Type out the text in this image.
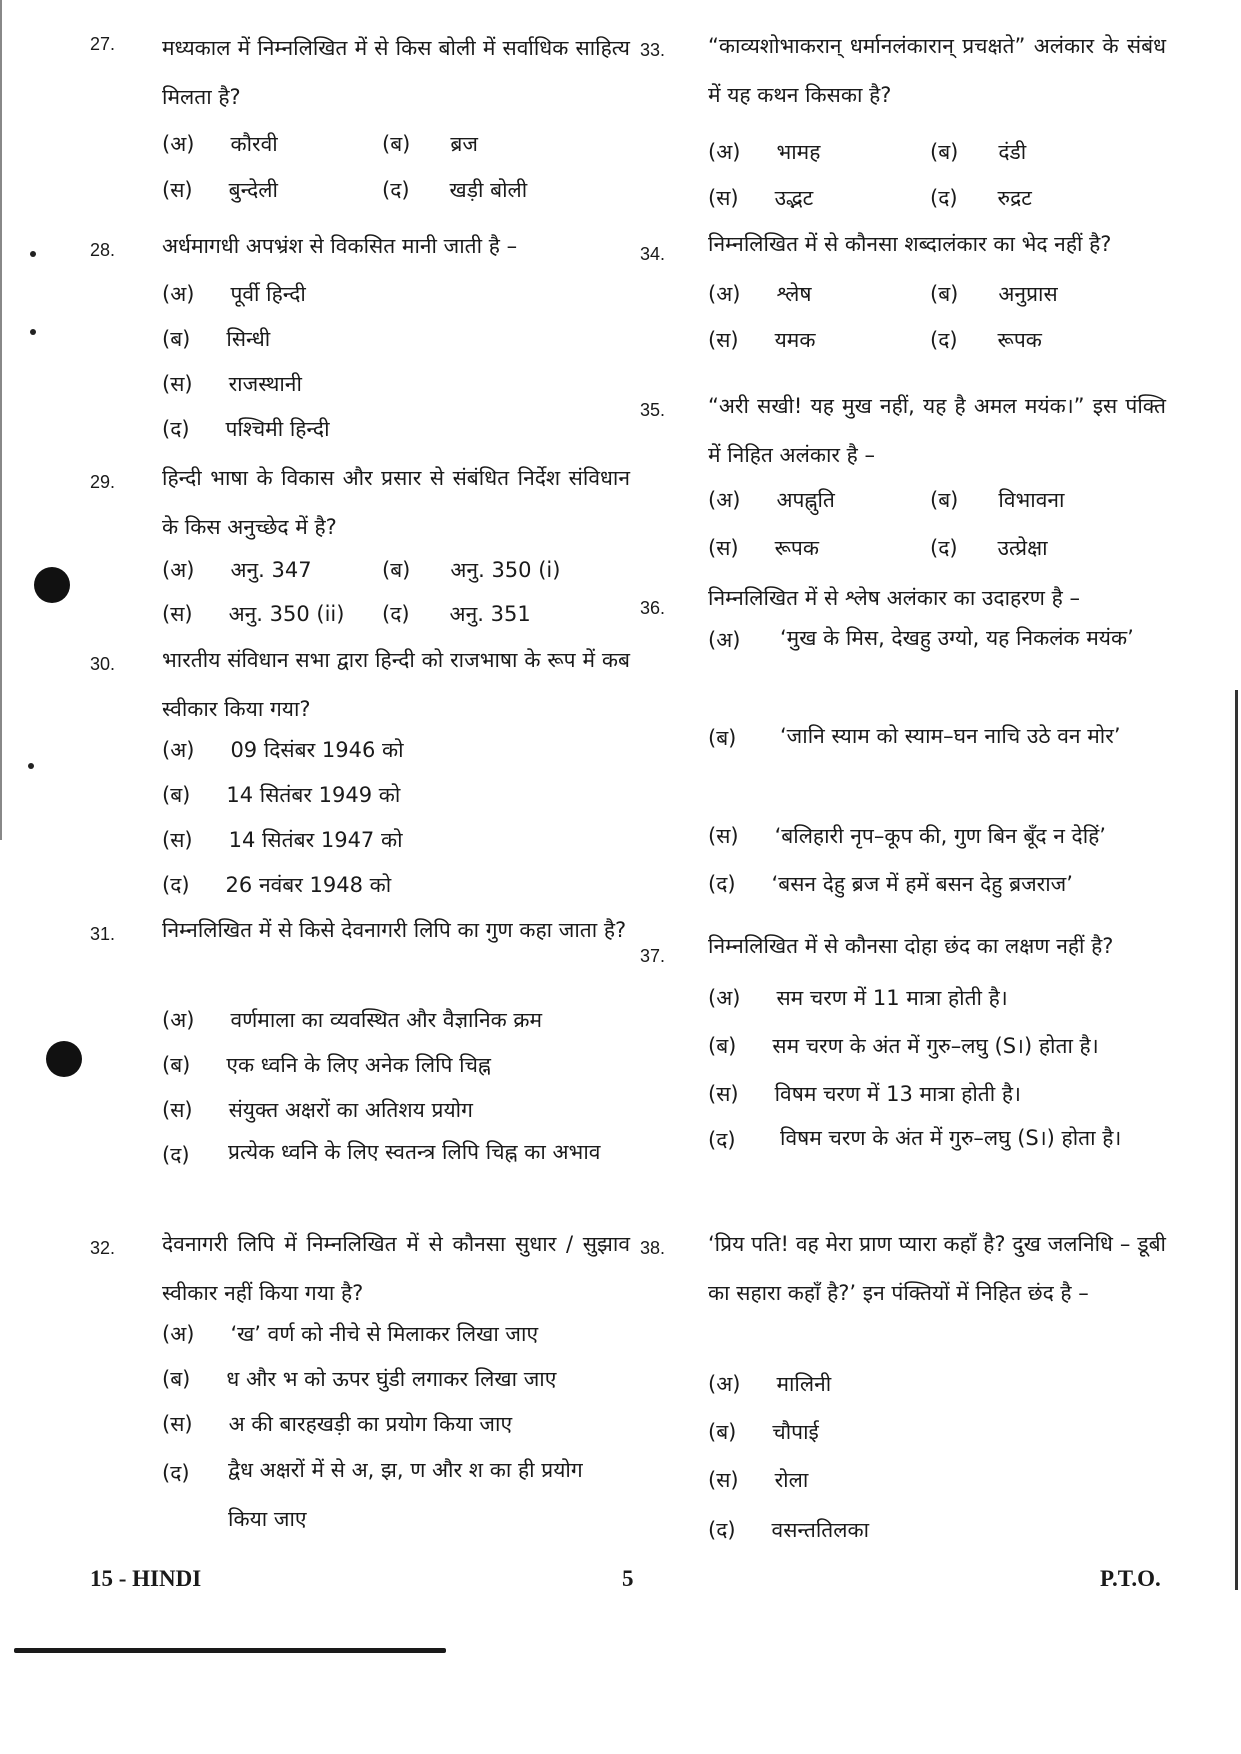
27. मध्यकाल में निम्नलिखित में से किस बोली में सर्वाधिक साहित्य मिलता है?
(अ) कौरवी	(ब) ब्रज
(स) बुन्देली	(द) खड़ी बोली
28. अर्धमागधी अपभ्रंश से विकसित मानी जाती है –
(अ) पूर्वी हिन्दी
(ब) सिन्धी
(स) राजस्थानी
(द) पश्चिमी हिन्दी
29. हिन्दी भाषा के विकास और प्रसार से संबंधित निर्देश संविधान के किस अनुच्छेद में है?
(अ) अनु. 347	(ब) अनु. 350 (i)
(स) अनु. 350 (ii) (द) अनु. 351
30. भारतीय संविधान सभा द्वारा हिन्दी को राजभाषा के रूप में कब स्वीकार किया गया?
(अ) 09 दिसंबर 1946 को
(ब) 14 सितंबर 1949 को
(स) 14 सितंबर 1947 को
(द) 26 नवंबर 1948 को
31. निम्नलिखित में से किसे देवनागरी लिपि का गुण कहा जाता है?
(अ) वर्णमाला का व्यवस्थित और वैज्ञानिक क्रम
(ब) एक ध्वनि के लिए अनेक लिपि चिह्न
(स) संयुक्त अक्षरों का अतिशय प्रयोग
(द) प्रत्येक ध्वनि के लिए स्वतन्त्र लिपि चिह्न का अभाव
32. देवनागरी लिपि में निम्नलिखित में से कौनसा सुधार / सुझाव स्वीकार नहीं किया गया है?
(अ) ‘ख’ वर्ण को नीचे से मिलाकर लिखा जाए
(ब) ध और भ को ऊपर घुंडी लगाकर लिखा जाए
(स) अ की बारहखड़ी का प्रयोग किया जाए
(द) द्वैध अक्षरों में से अ, झ, ण और श का ही प्रयोग किया जाए
33. “काव्यशोभाकरान् धर्मानलंकारान् प्रचक्षते” अलंकार के संबंध में यह कथन किसका है?
(अ) भामह	(ब) दंडी
(स) उद्भट	(द) रुद्रट
34. निम्नलिखित में से कौनसा शब्दालंकार का भेद नहीं है?
(अ) श्लेष	(ब) अनुप्रास
(स) यमक	(द) रूपक
35. “अरी सखी! यह मुख नहीं, यह है अमल मयंक।” इस पंक्ति में निहित अलंकार है –
(अ) अपह्नुति	(ब) विभावना
(स) रूपक	(द) उत्प्रेक्षा
36. निम्नलिखित में से श्लेष अलंकार का उदाहरण है –
(अ) ‘मुख के मिस, देखहु उग्यो, यह निकलंक मयंक’
(ब) ‘जानि स्याम को स्याम–घन नाचि उठे वन मोर’
(स) ‘बलिहारी नृप–कूप की, गुण बिन बूँद न देहिं’
(द) ‘बसन देहु ब्रज में हमें बसन देहु ब्रजराज’
37. निम्नलिखित में से कौनसा दोहा छंद का लक्षण नहीं है?
(अ) सम चरण में 11 मात्रा होती है।
(ब) सम चरण के अंत में गुरु–लघु (S।) होता है।
(स) विषम चरण में 13 मात्रा होती है।
(द) विषम चरण के अंत में गुरु–लघु (S।) होता है।
38. ‘प्रिय पति! वह मेरा प्राण प्यारा कहाँ है? दुख जलनिधि – डूबी का सहारा कहाँ है?’ इन पंक्तियों में निहित छंद है –
(अ) मालिनी
(ब) चौपाई
(स) रोला
(द) वसन्ततिलका
15 - HINDI	5	P.T.O.
